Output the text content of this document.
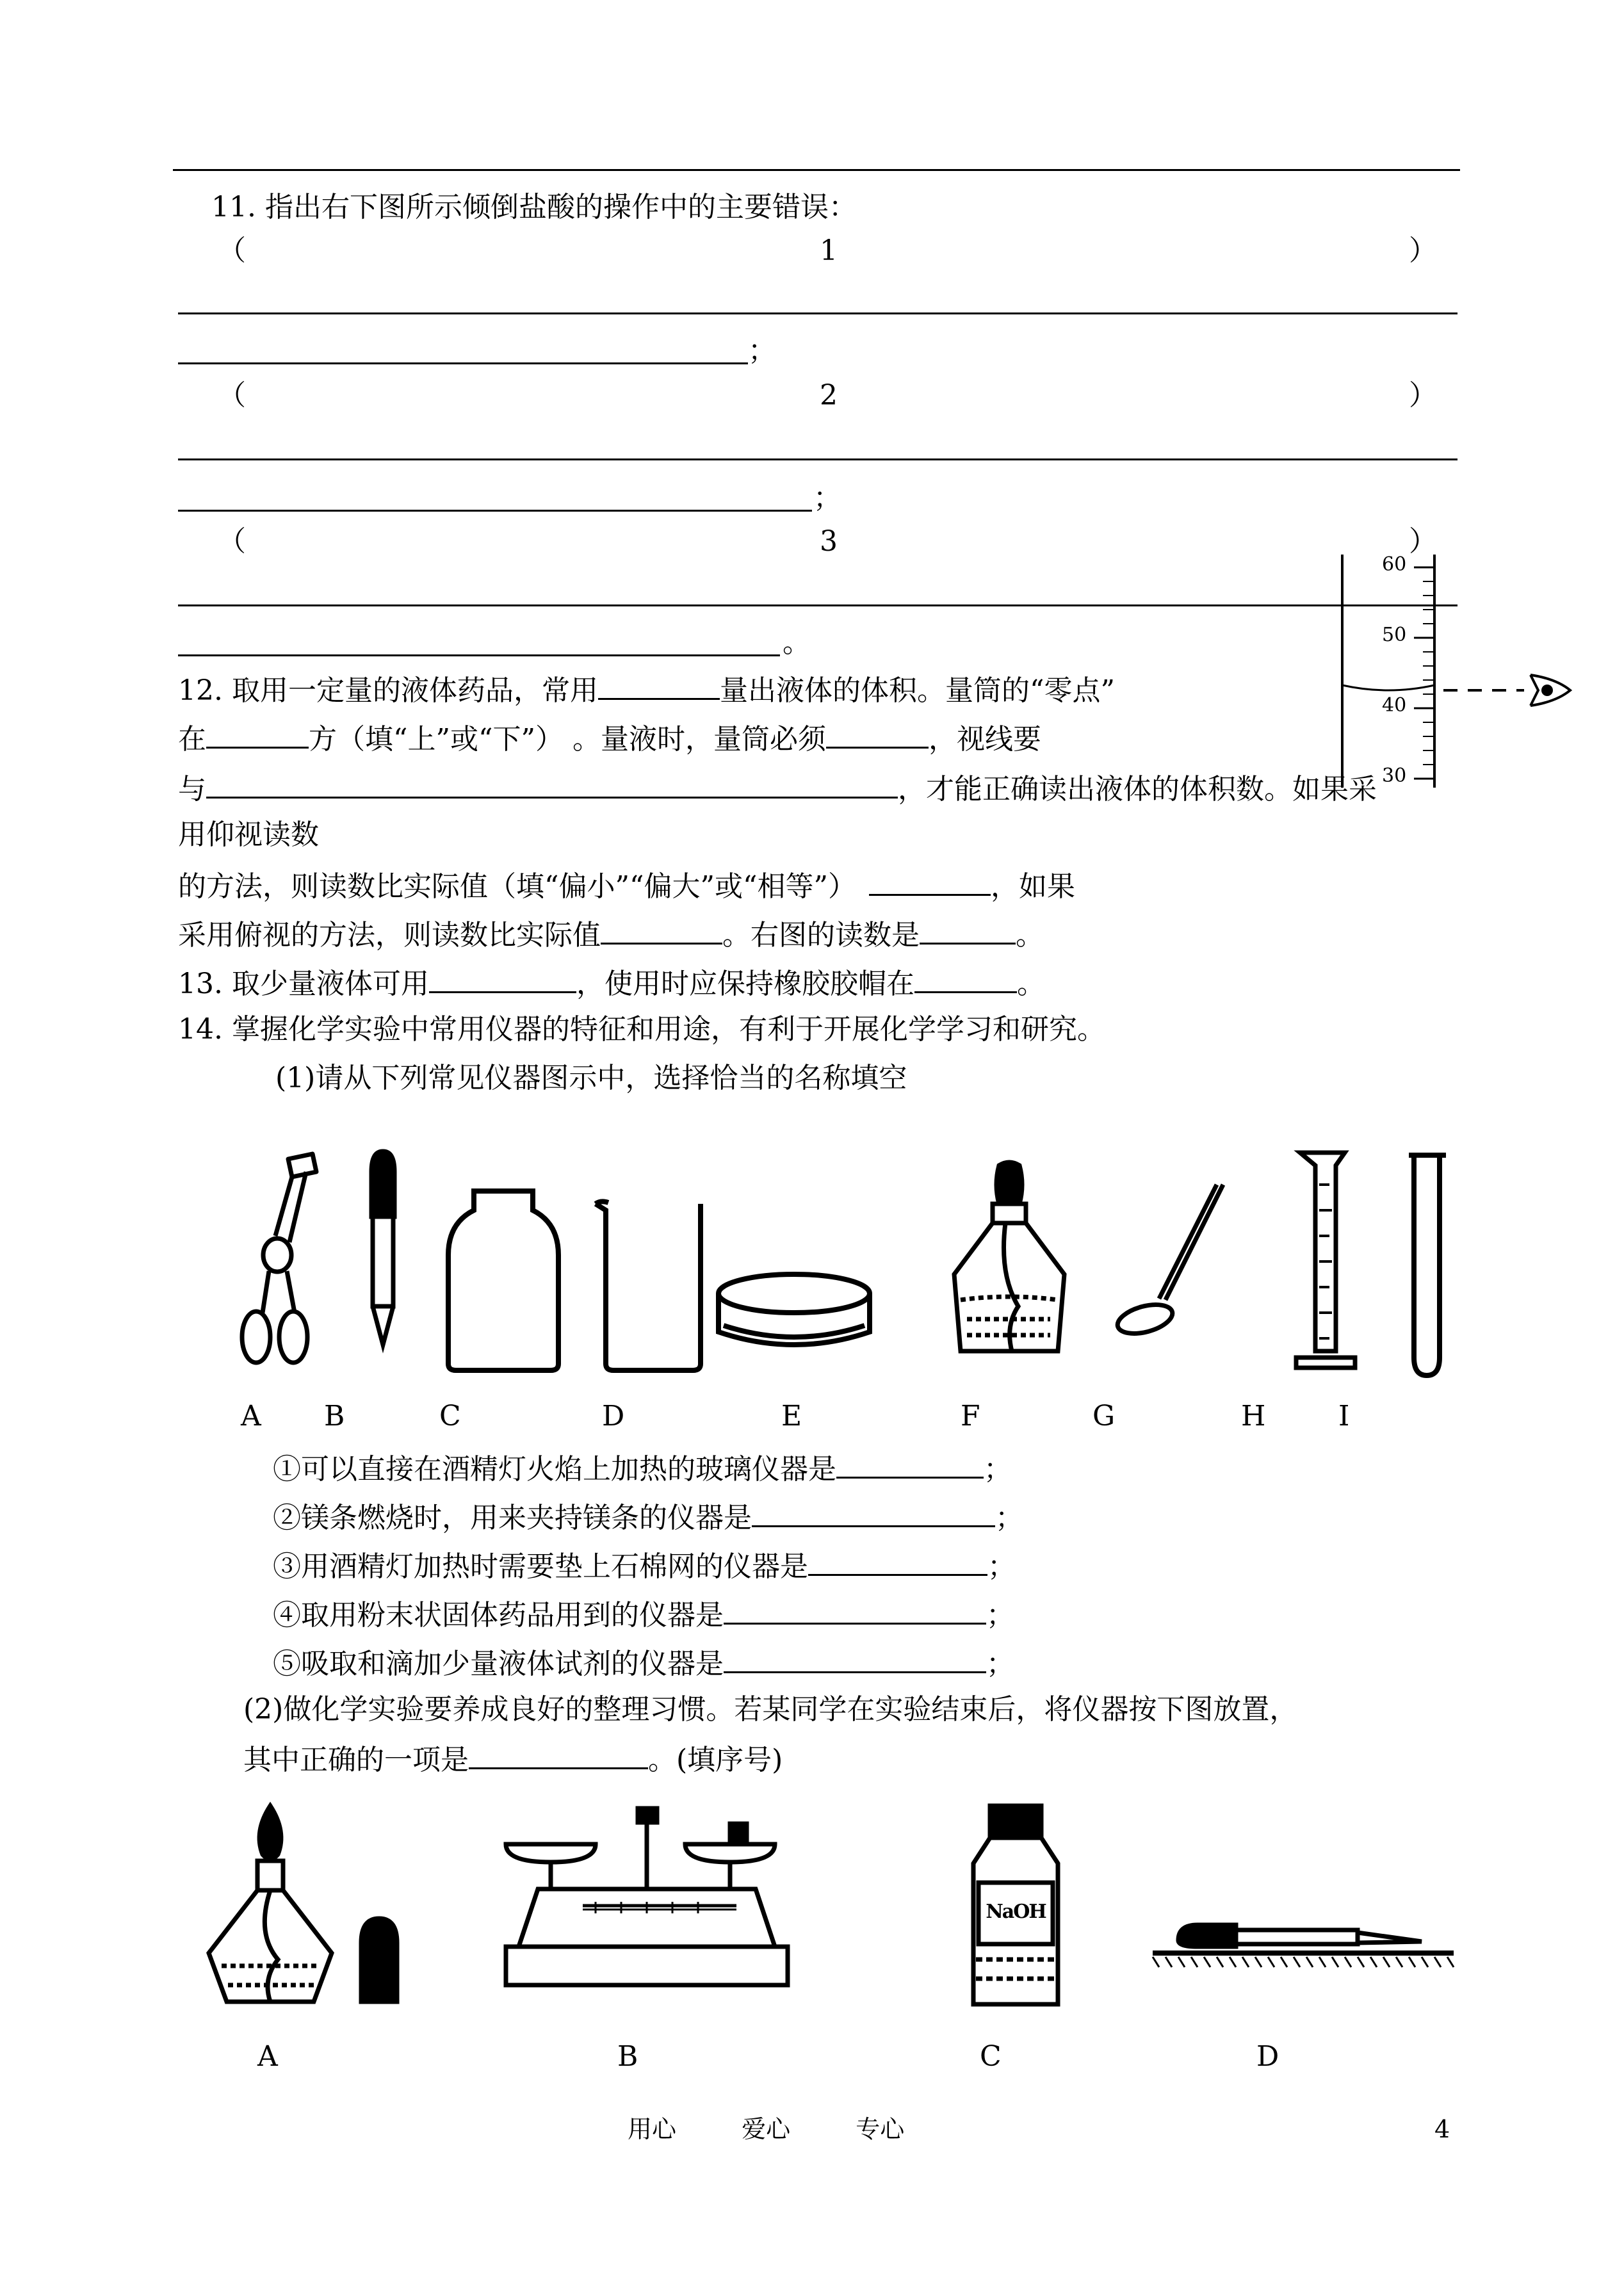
11. 指出右下图所示倾倒盐酸的操作中的主要错误：
（	1	）
；
（	2	）
；
（	3	）
。
60
50
40
30
12. 取用一定量的液体药品，常用	量出液体的体积。量筒的“零点”
在	方（填“上”或“下”） 。量液时，量筒必须	，视线要
与	，才能正确读出液体的体积数。如果采
用仰视读数
的方法，则读数比实际值（填“偏小”“偏大”或“相等”）	，如果
采用俯视的方法，则读数比实际值	。右图的读数是	。
13. 取少量液体可用	，使用时应保持橡胶胶帽在	。
14. 掌握化学实验中常用仪器的特征和用途，有利于开展化学学习和研究。
(1)请从下列常见仪器图示中，选择恰当的名称填空
A B	C	D	E	F	G	H	I
①可以直接在酒精灯火焰上加热的玻璃仪器是	；
②镁条燃烧时，用来夹持镁条的仪器是	；
③用酒精灯加热时需要垫上石棉网的仪器是	；
④取用粉末状固体药品用到的仪器是	；
⑤吸取和滴加少量液体试剂的仪器是	；
(2)做化学实验要养成良好的整理习惯。若某同学在实验结束后，将仪器按下图放置，
其中正确的一项是	。(填序号)
A	B	C	D
NaOH
用心	爱心	专心	4
